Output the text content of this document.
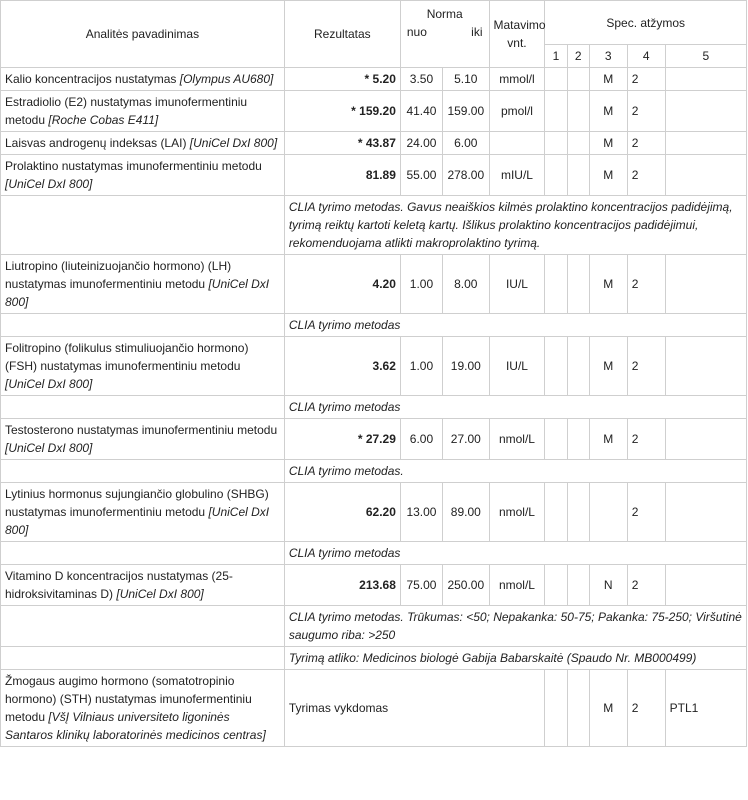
Analitės pavadinimas	Rezultatas	Norma
nuo iki		Matavimo vnt.	Spec. atžymos				
					1	2	3	4	5
Kalio koncentracijos nustatymas [Olympus AU680]	* 5.20	3.50	5.10	mmol/l			M	2	
Estradiolio (E2) nustatymas imunofermentiniu metodu [Roche Cobas E411]	* 159.20	41.40	159.00	pmol/l			M	2	
Laisvas androgenų indeksas (LAI) [UniCel DxI 800]	* 43.87	24.00	6.00				M	2	
Prolaktino nustatymas imunofermentiniu metodu [UniCel DxI 800]	81.89	55.00	278.00	mIU/L			M	2	
	CLIA tyrimo metodas. Gavus neaiškios kilmės prolaktino koncentracijos padidėjimą, tyrimą reiktų kartoti keletą kartų. Išlikus prolaktino koncentracijos padidėjimui, rekomenduojama atlikti makroprolaktino tyrimą.								
Liutropino (liuteinizuojančio hormono) (LH) nustatymas imunofermentiniu metodu [UniCel DxI 800]	4.20	1.00	8.00	IU/L			M	2	
	CLIA tyrimo metodas								
Folitropino (folikulus stimuliuojančio hormono) (FSH) nustatymas imunofermentiniu metodu [UniCel DxI 800]	3.62	1.00	19.00	IU/L			M	2	
	CLIA tyrimo metodas								
Testosterono nustatymas imunofermentiniu metodu [UniCel DxI 800]	* 27.29	6.00	27.00	nmol/L			M	2	
	CLIA tyrimo metodas.								
Lytinius hormonus sujungiančio globulino (SHBG) nustatymas imunofermentiniu metodu [UniCel DxI 800]	62.20	13.00	89.00	nmol/L				2	
	CLIA tyrimo metodas								
Vitamino D koncentracijos nustatymas (25-hidroksivitaminas D) [UniCel DxI 800]	213.68	75.00	250.00	nmol/L			N	2	
	CLIA tyrimo metodas. Trūkumas: <50; Nepakanka: 50-75; Pakanka: 75-250; Viršutinė saugumo riba: >250								
	Tyrimą atliko: Medicinos biologė Gabija Babarskaitė (Spaudo Nr. MB000499)								
Žmogaus augimo hormono (somatotropinio hormono) (STH) nustatymas imunofermentiniu metodu [VšĮ Vilniaus universiteto ligoninės Santaros klinikų laboratorinės medicinos centras]	Tyrimas vykdomas						M	2	PTL1
